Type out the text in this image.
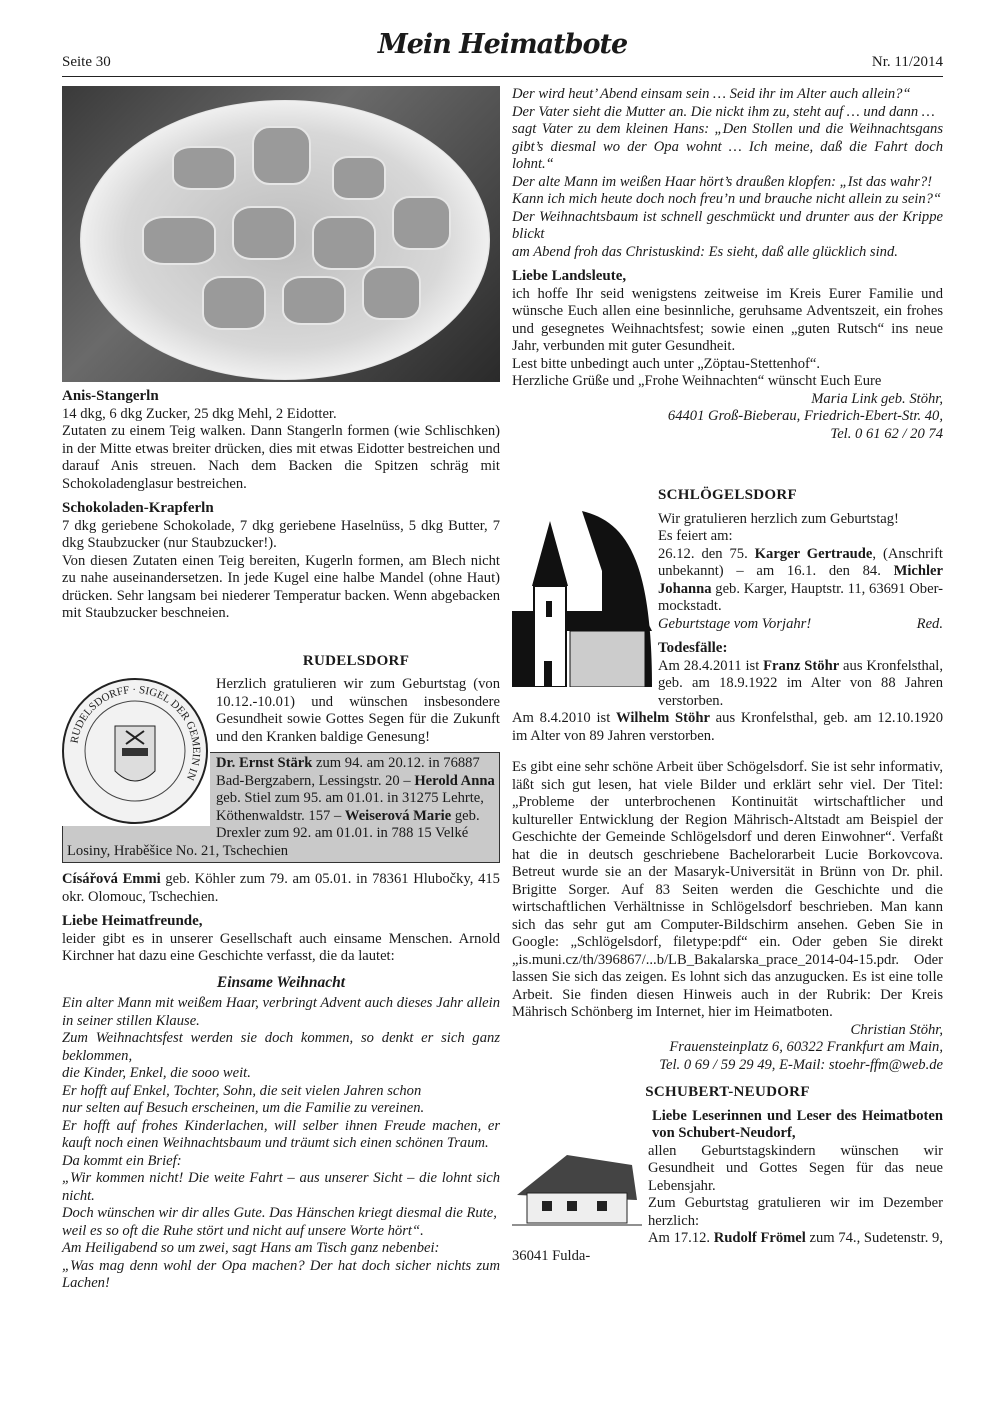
Seite 30
Mein Heimatbote
Nr. 11/2014

Anis-Stangerln

14 dkg, 6 dkg Zucker, 25 dkg Mehl, 2 Eidotter.

Zutaten zu einem Teig walken. Dann Stangerln formen (wie Schlischken) in der Mitte etwas breiter drücken, dies mit etwas Eidotter bestreichen und darauf Anis streuen. Nach dem Backen die Spitzen schräg mit Schokoladenglasur bestreichen.

Schokoladen-Krapferln

7 dkg geriebene Schokolade, 7 dkg geriebene Haselnüss, 5 dkg Butter, 7 dkg Staubzucker (nur Staubzucker!).

Von diesen Zutaten einen Teig bereiten, Kugerln formen, am Blech nicht zu nahe auseinandersetzen. In jede Kugel eine halbe Mandel (ohne Haut) drücken. Sehr langsam bei niederer Temperatur backen. Wenn abgebacken mit Staubzucker beschneien.

RUDELSDORF

RUDELSDORFF · SIGEL DER GEMEIN IN

Herzlich gratulieren wir zum Geburtstag (von 10.12.-10.01) und wünschen insbesondere Gesundheit sowie Gottes Segen für die Zukunft und den Kranken baldige Genesung!

Dr. Ernst Stärk zum 94. am 20.12. in 76887 Bad-Bergzabern, Lessingstr. 20 – Herold Anna geb. Stiel zum 95. am 01.01. in 31275 Lehrte, Köthenwaldstr. 157 – Weiserová Marie geb. Drexler zum 92. am 01.01. in 788 15 Velké Losiny, Hraběšice No. 21, Tschechien

Císářová Emmi geb. Köhler zum 79. am 05.01. in 78361 Hlubočky, 415 okr. Olomouc, Tschechien.

Liebe Heimatfreunde,

leider gibt es in unserer Gesellschaft auch einsame Menschen. Arnold Kirchner hat dazu eine Geschichte verfasst, die da lautet:

Einsame Weihnacht

Ein alter Mann mit weißem Haar, verbringt Advent auch dieses Jahr allein in seiner stillen Klause.

Zum Weihnachtsfest werden sie doch kommen, so denkt er sich ganz beklommen,

die Kinder, Enkel, die sooo weit.

Er hofft auf Enkel, Tochter, Sohn, die seit vielen Jahren schon

nur selten auf Besuch erscheinen, um die Familie zu vereinen.

Er hofft auf frohes Kinderlachen, will selber ihnen Freude machen, er kauft noch einen Weihnachtsbaum und träumt sich einen schönen Traum.

Da kommt ein Brief:

„Wir kommen nicht! Die weite Fahrt – aus unserer Sicht – die lohnt sich nicht.

Doch wünschen wir dir alles Gute. Das Hänschen kriegt diesmal die Rute,

weil es so oft die Ruhe stört und nicht auf unsere Worte hört“.

Am Heiligabend so um zwei, sagt Hans am Tisch ganz nebenbei:

„Was mag denn wohl der Opa machen? Der hat doch sicher nichts zum Lachen!

Der wird heut’ Abend einsam sein … Seid ihr im Alter auch allein?“

Der Vater sieht die Mutter an. Die nickt ihm zu, steht auf … und dann …

sagt Vater zu dem kleinen Hans: „Den Stollen und die Weihnachtsgans gibt’s diesmal wo der Opa wohnt … Ich meine, daß die Fahrt doch lohnt.“

Der alte Mann im weißen Haar hört’s draußen klopfen: „Ist das wahr?!

Kann ich mich heute doch noch freu’n und brauche nicht allein zu sein?“

Der Weihnachtsbaum ist schnell geschmückt und drunter aus der Krippe blickt

am Abend froh das Christuskind: Es sieht, daß alle glücklich sind.

Liebe Landsleute,

ich hoffe Ihr seid wenigstens zeitweise im Kreis Eurer Familie und wünsche Euch allen eine besinnliche, geruhsame Adventszeit, ein frohes und gesegnetes Weihnachtsfest; sowie einen „guten Rutsch“ ins neue Jahr, verbunden mit guter Gesundheit.

Lest bitte unbedingt auch unter „Zöptau-Stettenhof“.

Herzliche Grüße und „Frohe Weihnachten“ wünscht Euch Eure

Maria Link geb. Stöhr,

64401 Groß-Bieberau, Friedrich-Ebert-Str. 40,

Tel. 0 61 62 / 20 74

SCHLÖGELSDORF

Wir gratulieren herzlich zum Geburtstag!

Es feiert am:

26.12. den 75. Karger Gertraude, (Anschrift unbekannt) – am 16.1. den 84. Michler Johanna geb. Karger, Hauptstr. 11, 63691 Ober-mockstadt.

Geburtstage vom Vorjahr!	Red.

Todesfälle:

Am 28.4.2011 ist Franz Stöhr aus Kronfelsthal, geb. am 18.9.1922 im Alter von 88 Jahren verstorben.

Am 8.4.2010 ist Wilhelm Stöhr aus Kronfelsthal, geb. am 12.10.1920 im Alter von 89 Jahren verstorben.

Es gibt eine sehr schöne Arbeit über Schögelsdorf. Sie ist sehr informativ, läßt sich gut lesen, hat viele Bilder und erklärt sehr viel. Der Titel: „Probleme der unterbrochenen Kontinuität wirtschaftlicher und kultureller Entwicklung der Region Mährisch-Altstadt am Beispiel der Geschichte der Gemeinde Schlögelsdorf und deren Einwohner“. Verfaßt hat die in deutsch geschriebene Bachelorarbeit Lucie Borkovcova. Betreut wurde sie an der Masaryk-Universität in Brünn von Dr. phil. Brigitte Sorger. Auf 83 Seiten werden die Geschichte und die wirtschaftlichen Verhältnisse in Schlögelsdorf beschrieben. Man kann sich das sehr gut am Computer-Bildschirm ansehen. Geben Sie in Google: „Schlögelsdorf, filetype:pdf“ ein. Oder geben Sie direkt „is.muni.cz/th/396867/...b/LB_Bakalarska_prace_2014-04-15.pdr. Oder lassen Sie sich das zeigen. Es lohnt sich das anzugucken. Es ist eine tolle Arbeit. Sie finden diesen Hinweis auch in der Rubrik: Der Kreis Mährisch Schönberg im Internet, hier im Heimatboten.

Christian Stöhr,

Frauensteinplatz 6, 60322 Frankfurt am Main,

Tel. 0 69 / 59 29 49, E-Mail: stoehr-ffm@web.de

SCHUBERT-NEUDORF

Liebe Leserinnen und Leser des Heimatboten von Schubert-Neudorf,

allen Geburtstagskindern wünschen wir Gesundheit und Gottes Segen für das neue Lebensjahr.

Zum Geburtstag gratulieren wir im Dezember herzlich:

Am 17.12. Rudolf Frömel zum 74., Sudetenstr. 9, 36041 Fulda-
